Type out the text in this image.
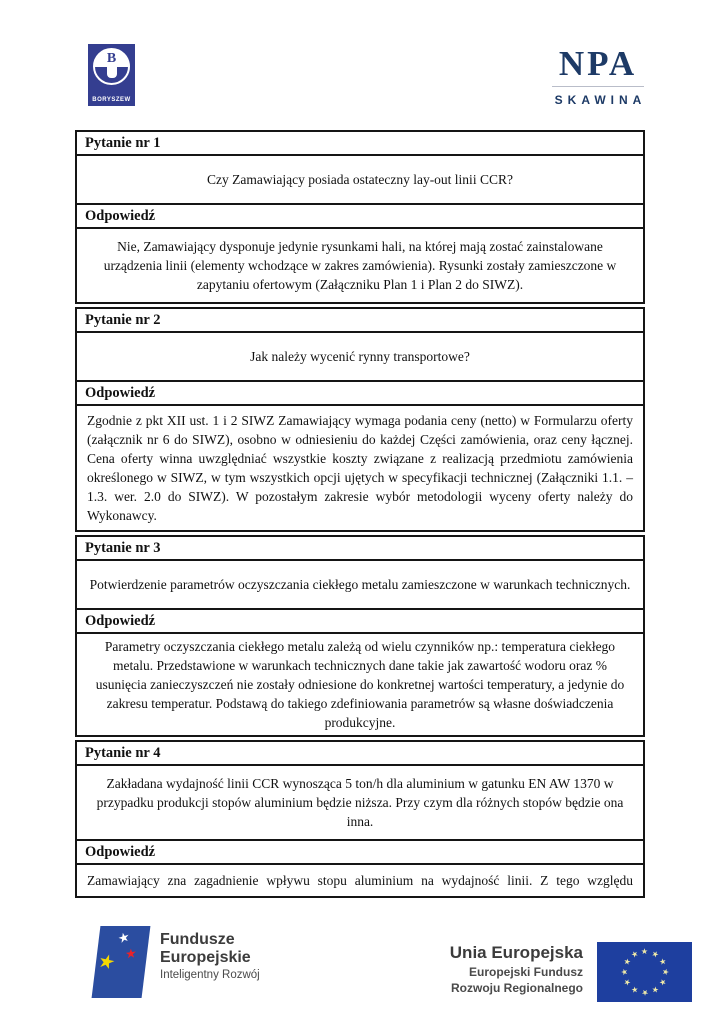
B
BORYSZEW
NPA
SKAWINA
Pytanie nr 1
Czy Zamawiający posiada ostateczny lay-out linii CCR?
Odpowiedź
Nie, Zamawiający dysponuje jedynie rysunkami hali, na której mają zostać zainstalowane urządzenia linii (elementy wchodzące w zakres zamówienia). Rysunki zostały zamieszczone w zapytaniu ofertowym (Załączniku Plan 1 i Plan 2 do SIWZ).
Pytanie nr 2
Jak należy wycenić rynny transportowe?
Odpowiedź
Zgodnie z pkt XII ust. 1 i 2 SIWZ Zamawiający wymaga podania ceny (netto) w Formularzu oferty (załącznik nr 6 do SIWZ), osobno w odniesieniu do każdej Części zamówienia, oraz ceny łącznej. Cena oferty winna uwzględniać wszystkie koszty związane z realizacją przedmiotu zamówienia określonego w SIWZ, w tym wszystkich opcji ujętych w specyfikacji technicznej (Załączniki 1.1. – 1.3. wer. 2.0 do SIWZ). W pozostałym zakresie wybór metodologii wyceny oferty należy do Wykonawcy.
Pytanie nr 3
Potwierdzenie parametrów oczyszczania ciekłego metalu zamieszczone w warunkach technicznych.
Odpowiedź
Parametry oczyszczania ciekłego metalu zależą od wielu czynników np.: temperatura ciekłego metalu. Przedstawione w warunkach technicznych dane takie jak zawartość wodoru oraz % usunięcia zanieczyszczeń nie zostały odniesione do konkretnej wartości temperatury, a jedynie do zakresu temperatur. Podstawą do takiego zdefiniowania parametrów są własne doświadczenia produkcyjne.
Pytanie nr 4
Zakładana wydajność linii CCR wynosząca 5 ton/h dla aluminium w gatunku EN AW 1370 w przypadku produkcji stopów aluminium będzie niższa. Przy czym dla różnych stopów będzie ona inna.
Odpowiedź
Zamawiający zna zagadnienie wpływu stopu aluminium na wydajność linii. Z tego względu
★
★ ★
Fundusze
Europejskie
Inteligentny Rozwój
Unia Europejska
Europejski Fundusz
Rozwoju Regionalnego
★ ★
★
★
★
★
★
★
★
★
★
★
